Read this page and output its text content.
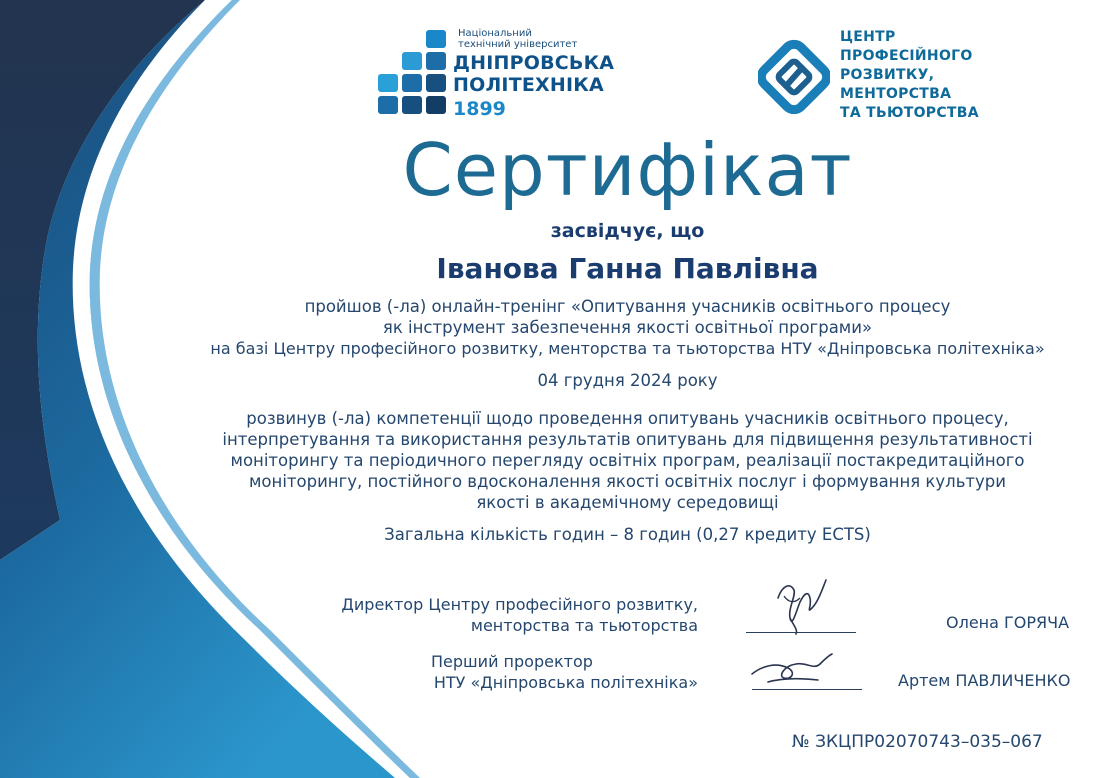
Національний
технічний університет
ДНІПРОВСЬКА
ПОЛІТЕХНІКА
1899
ЦЕНТР
ПРОФЕСІЙНОГО
РОЗВИТКУ,
МЕНТОРСТВА
ТА ТЬЮТОРСТВА
Сертифікат
засвідчує, що
Іванова Ганна Павлівна
пройшов (-ла) онлайн-тренінг «Опитування учасників освітнього процесу
як інструмент забезпечення якості освітньої програми»
на базі Центру професійного розвитку, менторства та тьюторства НТУ «Дніпровська політехніка»
04 грудня 2024 року
розвинув (-ла) компетенції щодо проведення опитувань учасників освітнього процесу,
інтерпретування та використання результатів опитувань для підвищення результативності
моніторингу та періодичного перегляду освітніх програм, реалізації постакредитаційного
моніторингу, постійного вдосконалення якості освітніх послуг і формування культури
якості в академічному середовищі
Загальна кількість годин – 8 годин (0,27 кредиту ECTS)
Директор Центру професійного розвитку,
менторства та тьюторства	Олена ГОРЯЧА
Перший проректор
НТУ «Дніпровська політехніка»	Артем ПАВЛИЧЕНКО
№ ЗКЦПР02070743–035–067
